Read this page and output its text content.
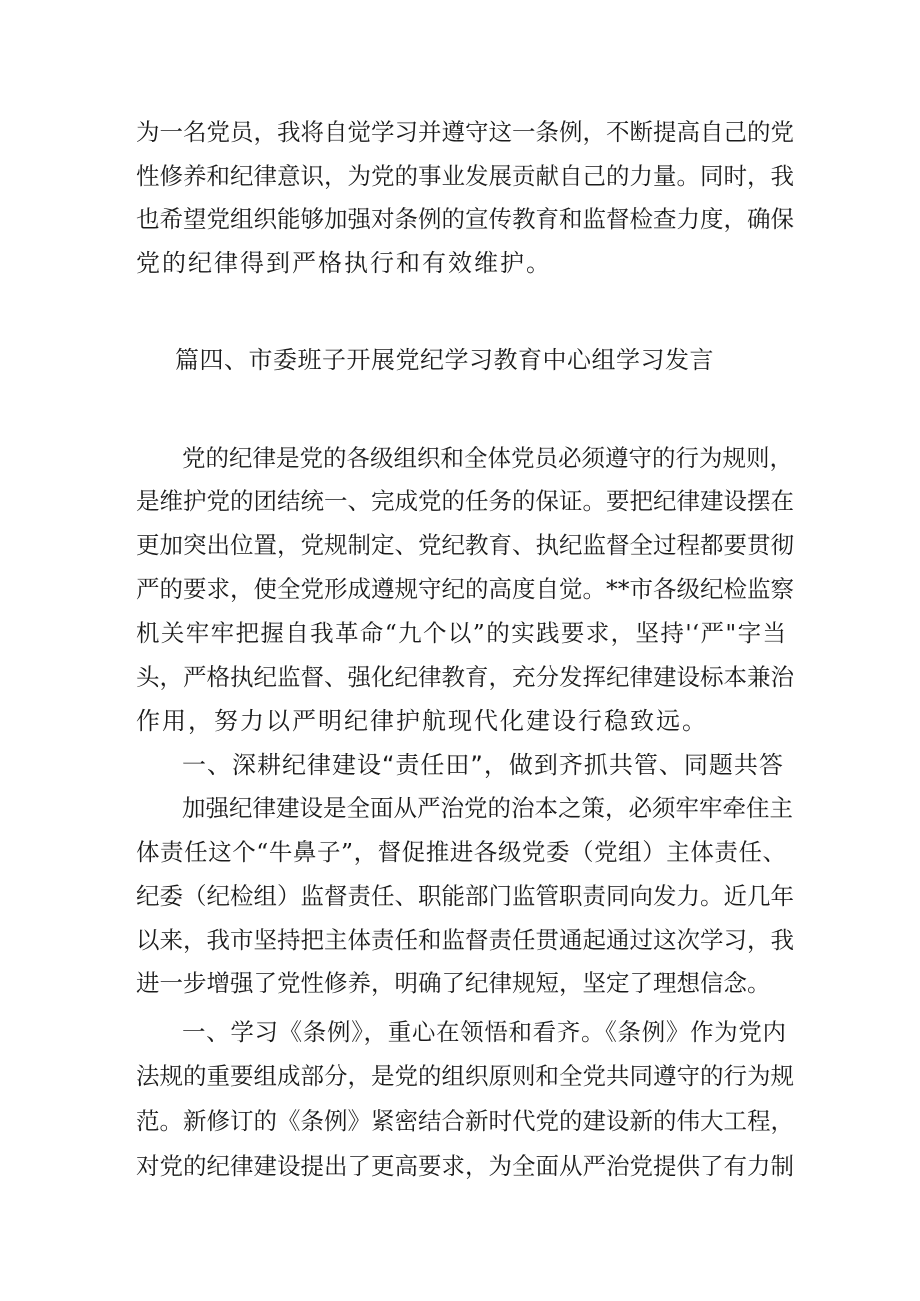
为一名党员，我将自觉学习并遵守这一条例，不断提高自己的党
性修养和纪律意识，为党的事业发展贡献自己的力量。同时，我
也希望党组织能够加强对条例的宣传教育和监督检查力度，确保
党的纪律得到严格执行和有效维护。
篇四、市委班子开展党纪学习教育中心组学习发言
党的纪律是党的各级组织和全体党员必须遵守的行为规则，
是维护党的团结统一、完成党的任务的保证。要把纪律建设摆在
更加突出位置，党规制定、党纪教育、执纪监督全过程都要贯彻
严的要求，使全党形成遵规守纪的高度自觉。**市各级纪检监察
机关牢牢把握自我革命“九个以”的实践要求，坚持'‘严"字当
头，严格执纪监督、强化纪律教育，充分发挥纪律建设标本兼治
作用，努力以严明纪律护航现代化建设行稳致远。
一、深耕纪律建设“责任田”，做到齐抓共管、同题共答
加强纪律建设是全面从严治党的治本之策，必须牢牢牵住主
体责任这个“牛鼻子”，督促推进各级党委（党组）主体责任、
纪委（纪检组）监督责任、职能部门监管职责同向发力。近几年
以来，我市坚持把主体责任和监督责任贯通起通过这次学习，我
进一步增强了党性修养，明确了纪律规短，坚定了理想信念。
一、学习《条例》，重心在领悟和看齐。《条例》作为党内
法规的重要组成部分，是党的组织原则和全党共同遵守的行为规
范。新修订的《条例》紧密结合新时代党的建设新的伟大工程，
对党的纪律建设提出了更高要求，为全面从严治党提供了有力制
